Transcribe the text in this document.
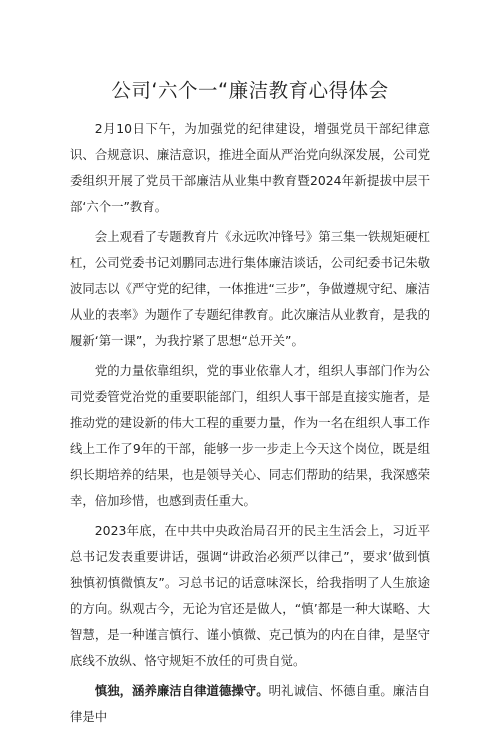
公司‘六个一“廉洁教育心得体会

2月10日下午，为加强党的纪律建设，增强党员干部纪律意识、合规意识、廉洁意识，推进全面从严治党向纵深发展，公司党委组织开展了党员干部廉洁从业集中教育暨2024年新提拔中层干部‘六个一”教育。

会上观看了专题教育片《永远吹冲锋号》第三集一铁规矩硬杠杠，公司党委书记刘鹏同志进行集体廉洁谈话，公司纪委书记朱敬波同志以《严守党的纪律，一体推进“三步”，争做遵规守纪、廉洁从业的表率》为题作了专题纪律教育。此次廉洁从业教育，是我的履新‘第一课”，为我拧紧了思想“总开关”。

党的力量依靠组织，党的事业依靠人才，组织人事部门作为公司党委管党治党的重要职能部门，组织人事干部是直接实施者，是推动党的建设新的伟大工程的重要力量，作为一名在组织人事工作线上工作了9年的干部，能够一步一步走上今天这个岗位，既是组织长期培养的结果，也是领导关心、同志们帮助的结果，我深感荣幸，倍加珍惜，也感到责任重大。

2023年底，在中共中央政治局召开的民主生活会上，习近平总书记发表重要讲话，强调“讲政治必须严以律己”，要求’做到慎独慎初慎微慎友”。习总书记的话意味深长，给我指明了人生旅途的方向。纵观古今，无论为官还是做人，“慎’都是一种大谋略、大智慧，是一种谨言慎行、谨小慎微、克己慎为的内在自律，是坚守底线不放纵、恪守规矩不放任的可贵自觉。

慎独，涵养廉洁自律道德操守。明礼诚信、怀德自重。廉洁自律是中
